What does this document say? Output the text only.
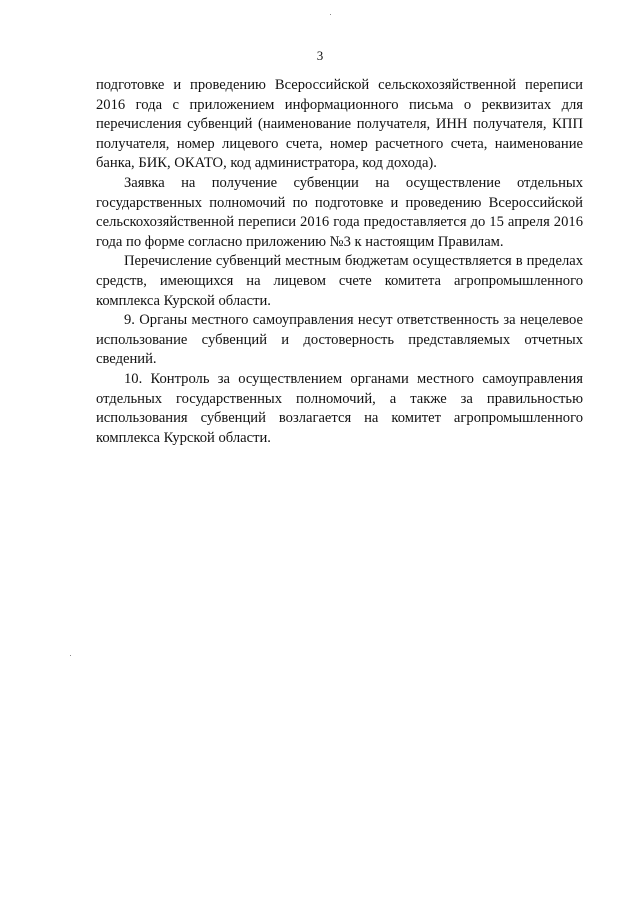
3

подготовке и проведению Всероссийской сельскохозяйственной переписи 2016 года с приложением информационного письма о реквизитах для перечисления субвенций (наименование получателя, ИНН получателя, КПП получателя, номер лицевого счета, номер расчетного счета, наименование банка, БИК, ОКАТО, код администратора, код дохода).

Заявка на получение субвенции на осуществление отдельных государственных полномочий по подготовке и проведению Всероссийской сельскохозяйственной переписи 2016 года предоставляется до 15 апреля 2016 года по форме согласно приложению №3 к настоящим Правилам.

Перечисление субвенций местным бюджетам осуществляется в пределах средств, имеющихся на лицевом счете комитета агропромышленного комплекса Курской области.

9. Органы местного самоуправления несут ответственность за нецелевое использование субвенций и достоверность представляемых отчетных сведений.

10. Контроль за осуществлением органами местного самоуправления отдельных государственных полномочий, а также за правильностью использования субвенций возлагается на комитет агропромышленного комплекса Курской области.
